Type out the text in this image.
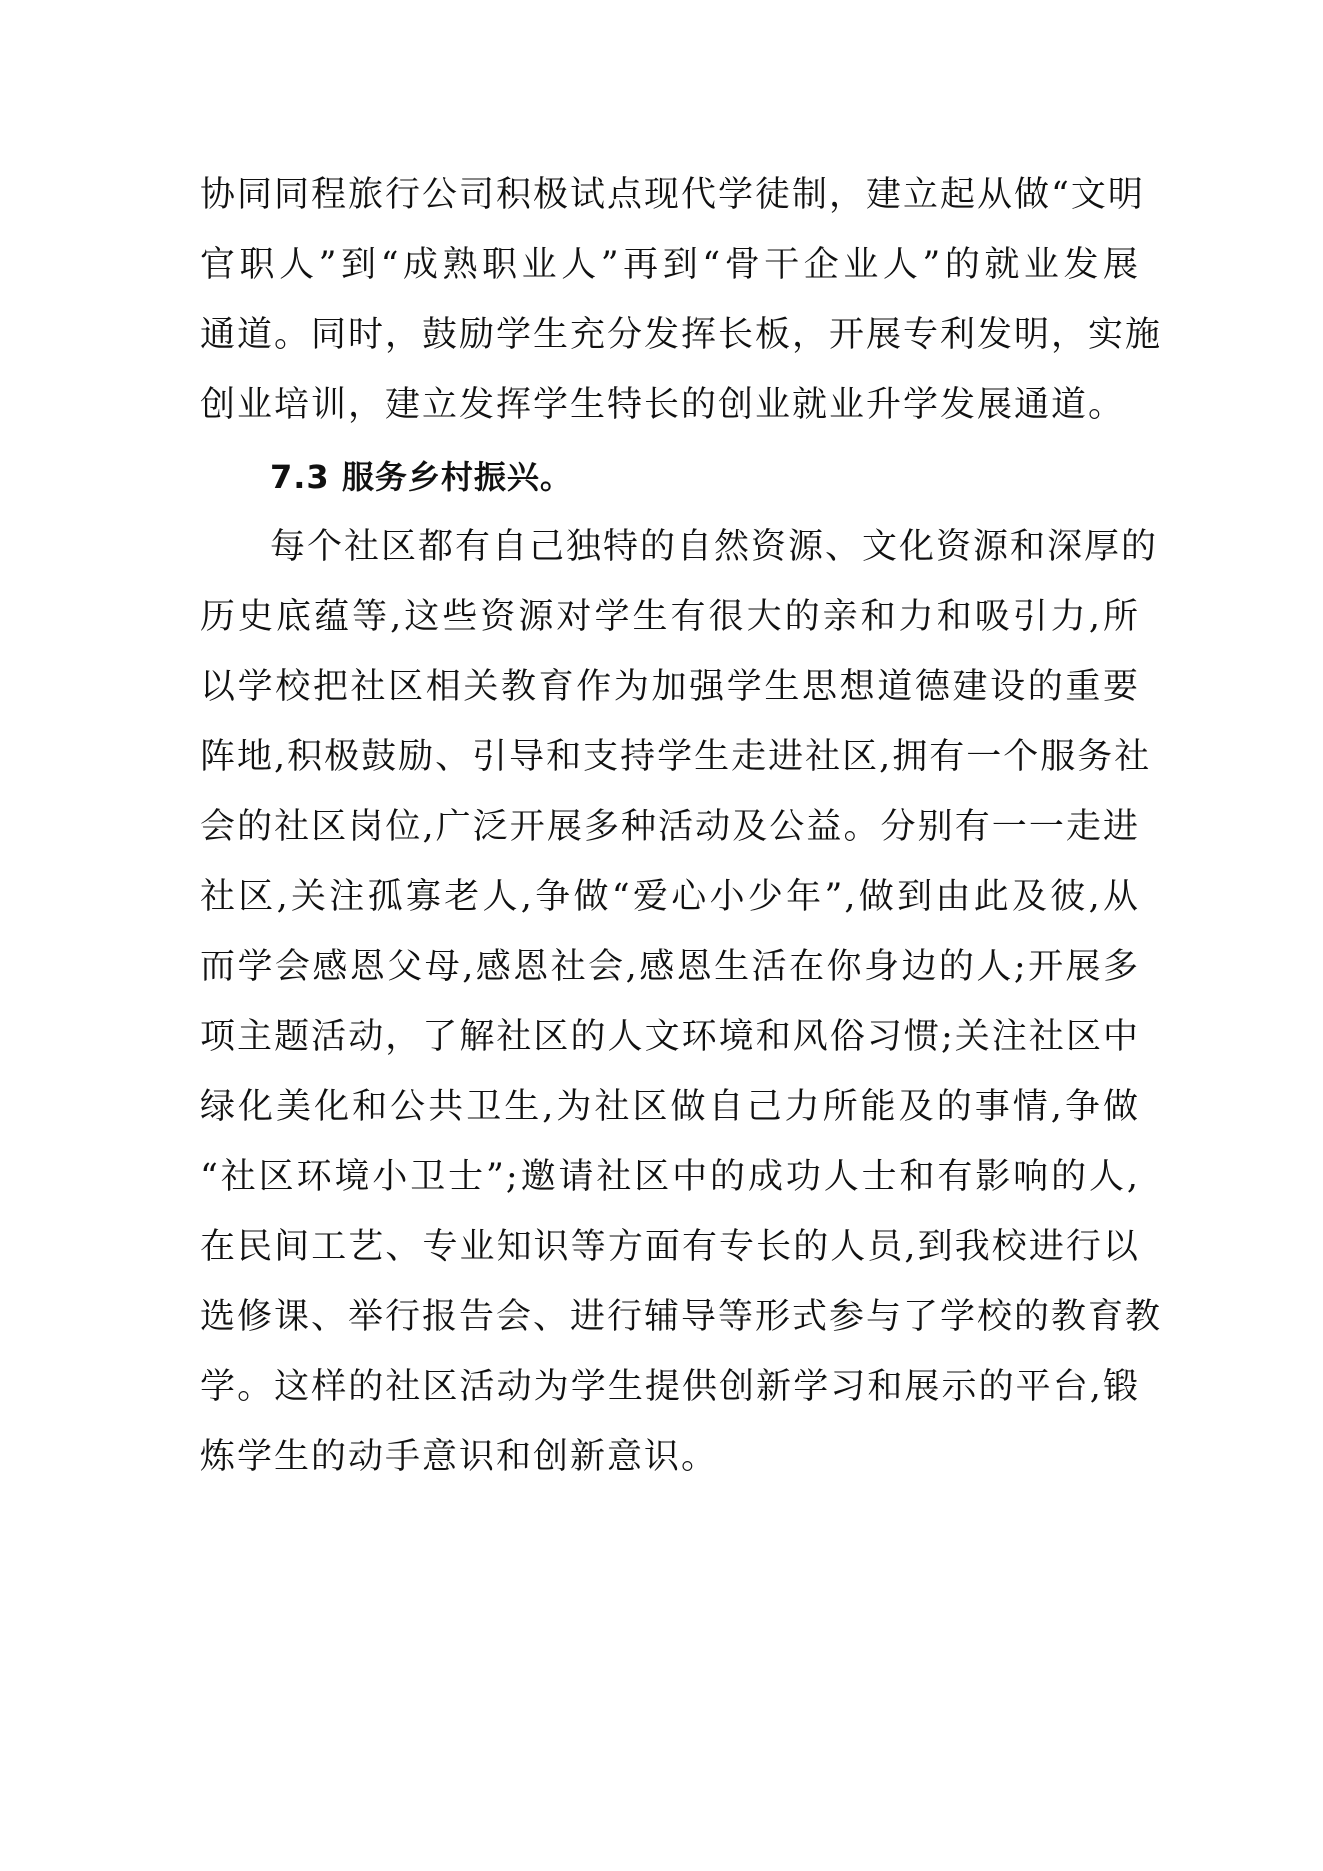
协同同程旅行公司积极试点现代学徒制，建立起从做“文明
官职人”到“成熟职业人”再到“骨干企业人”的就业发展
通道。同时，鼓励学生充分发挥长板，开展专利发明，实施
创业培训，建立发挥学生特长的创业就业升学发展通道。
7.3 服务乡村振兴。
每个社区都有自己独特的自然资源、文化资源和深厚的
历史底蕴等,这些资源对学生有很大的亲和力和吸引力,所
以学校把社区相关教育作为加强学生思想道德建设的重要
阵地,积极鼓励、引导和支持学生走进社区,拥有一个服务社
会的社区岗位,广泛开展多种活动及公益。分别有一一走进
社区,关注孤寡老人,争做“爱心小少年”,做到由此及彼,从
而学会感恩父母,感恩社会,感恩生活在你身边的人;开展多
项主题活动，了解社区的人文环境和风俗习惯;关注社区中
绿化美化和公共卫生,为社区做自己力所能及的事情,争做
“社区环境小卫士”;邀请社区中的成功人士和有影响的人,
在民间工艺、专业知识等方面有专长的人员,到我校进行以
选修课、举行报告会、进行辅导等形式参与了学校的教育教
学。这样的社区活动为学生提供创新学习和展示的平台,锻
炼学生的动手意识和创新意识。
